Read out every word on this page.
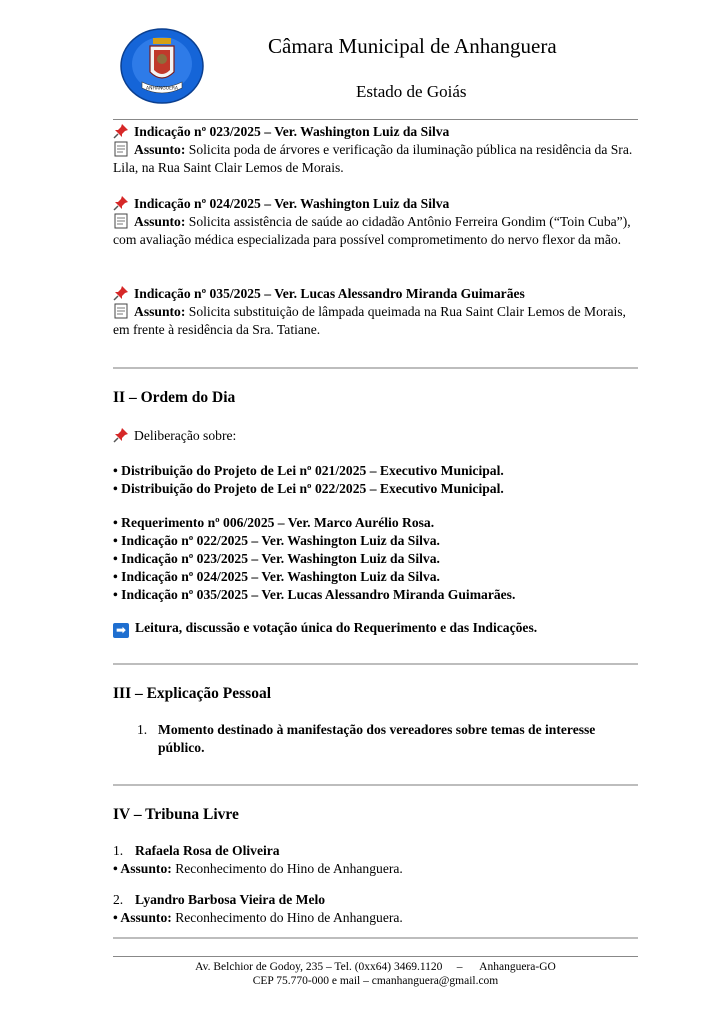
ANHANGUERA
Câmara Municipal de Anhanguera
Estado de Goiás

Indicação nº 023/2025 – Ver. Washington Luiz da Silva

Assunto: Solicita poda de árvores e verificação da iluminação pública na residência da Sra. Lila, na Rua Saint Clair Lemos de Morais.

Indicação nº 024/2025 – Ver. Washington Luiz da Silva

Assunto: Solicita assistência de saúde ao cidadão Antônio Ferreira Gondim (“Toin Cuba”), com avaliação médica especializada para possível comprometimento do nervo flexor da mão.

Indicação nº 035/2025 – Ver. Lucas Alessandro Miranda Guimarães

Assunto: Solicita substituição de lâmpada queimada na Rua Saint Clair Lemos de Morais, em frente à residência da Sra. Tatiane.

II – Ordem do Dia

Deliberação sobre:

• Distribuição do Projeto de Lei nº 021/2025 – Executivo Municipal.

• Distribuição do Projeto de Lei nº 022/2025 – Executivo Municipal.

• Requerimento nº 006/2025 – Ver. Marco Aurélio Rosa.

• Indicação nº 022/2025 – Ver. Washington Luiz da Silva.

• Indicação nº 023/2025 – Ver. Washington Luiz da Silva.

• Indicação nº 024/2025 – Ver. Washington Luiz da Silva.

• Indicação nº 035/2025 – Ver. Lucas Alessandro Miranda Guimarães.

➡ Leitura, discussão e votação única do Requerimento e das Indicações.

III – Explicação Pessoal
1. Momento destinado à manifestação dos vereadores sobre temas de interesse público.
IV – Tribuna Livre

1. Rafaela Rosa de Oliveira

• Assunto: Reconhecimento do Hino de Anhanguera.

2. Lyandro Barbosa Vieira de Melo

• Assunto: Reconhecimento do Hino de Anhanguera.

Av. Belchior de Godoy, 235 – Tel. (0xx64) 3469.1120     –      Anhanguera-GO
CEP 75.770-000 e mail – cmanhanguera@gmail.com
